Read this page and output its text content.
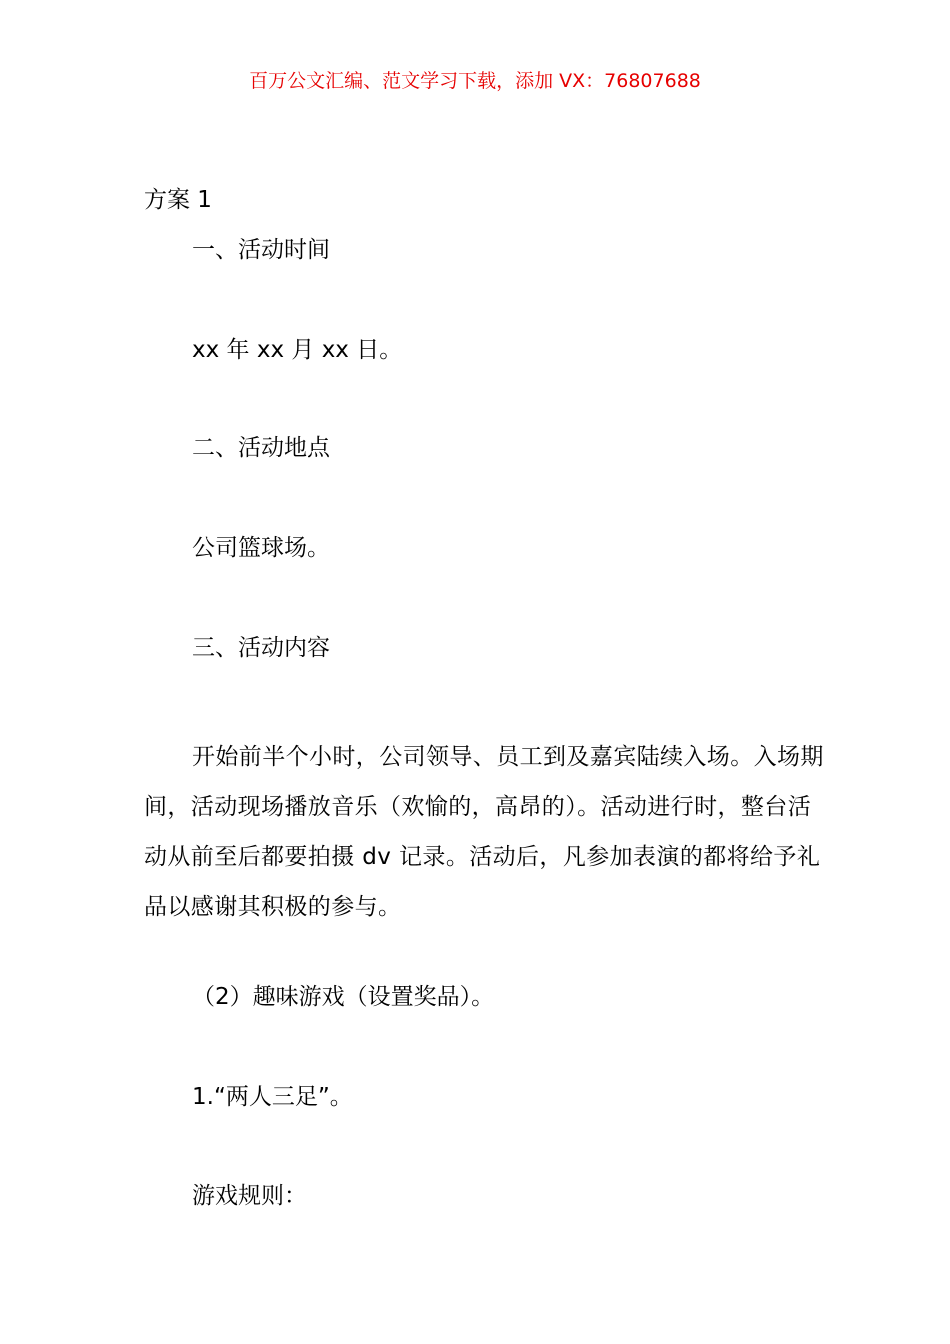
百万公文汇编、范文学习下载，添加 VX：76807688
方案 1
一、活动时间
xx 年 xx 月 xx 日。
二、活动地点
公司篮球场。
三、活动内容
开始前半个小时，公司领导、员工到及嘉宾陆续入场。入场期间，活动现场播放音乐（欢愉的，高昂的）。活动进行时，整台活动从前至后都要拍摄 dv 记录。活动后，凡参加表演的都将给予礼品以感谢其积极的参与。
（2）趣味游戏（设置奖品）。
1.“两人三足”。
游戏规则：
